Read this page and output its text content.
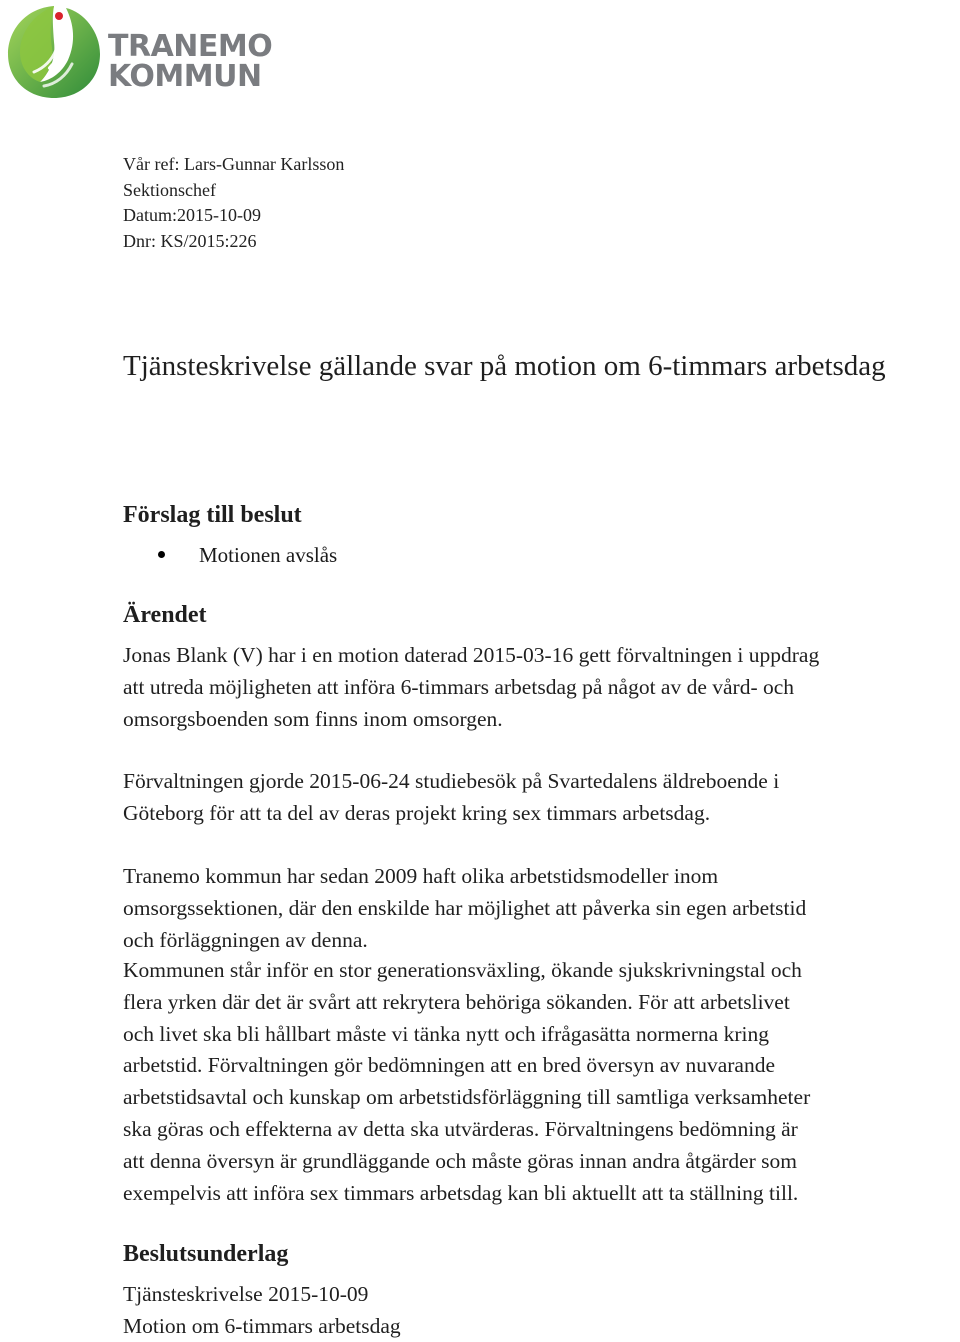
TRANEMO
KOMMUN
Vår ref: Lars-Gunnar Karlsson
Sektionschef
Datum:2015-10-09
Dnr: KS/2015:226
Tjänsteskrivelse gällande svar på motion om 6-timmars arbetsdag
Förslag till beslut
Motionen avslås
Ärendet

Jonas Blank (V) har i en motion daterad 2015-03-16 gett förvaltningen i uppdrag
att utreda möjligheten att införa 6-timmars arbetsdag på något av de vård- och
omsorgsboenden som finns inom omsorgen.

Förvaltningen gjorde 2015-06-24 studiebesök på Svartedalens äldreboende i
Göteborg för att ta del av deras projekt kring sex timmars arbetsdag.

Tranemo kommun har sedan 2009 haft olika arbetstidsmodeller inom
omsorgssektionen, där den enskilde har möjlighet att påverka sin egen arbetstid
och förläggningen av denna.

Kommunen står inför en stor generationsväxling, ökande sjukskrivningstal och
flera yrken där det är svårt att rekrytera behöriga sökanden. För att arbetslivet
och livet ska bli hållbart måste vi tänka nytt och ifrågasätta normerna kring
arbetstid. Förvaltningen gör bedömningen att en bred översyn av nuvarande
arbetstidsavtal och kunskap om arbetstidsförläggning till samtliga verksamheter
ska göras och effekterna av detta ska utvärderas. Förvaltningens bedömning är
att denna översyn är grundläggande och måste göras innan andra åtgärder som
exempelvis att införa sex timmars arbetsdag kan bli aktuellt att ta ställning till.

Beslutsunderlag
Tjänsteskrivelse 2015-10-09
Motion om 6-timmars arbetsdag
